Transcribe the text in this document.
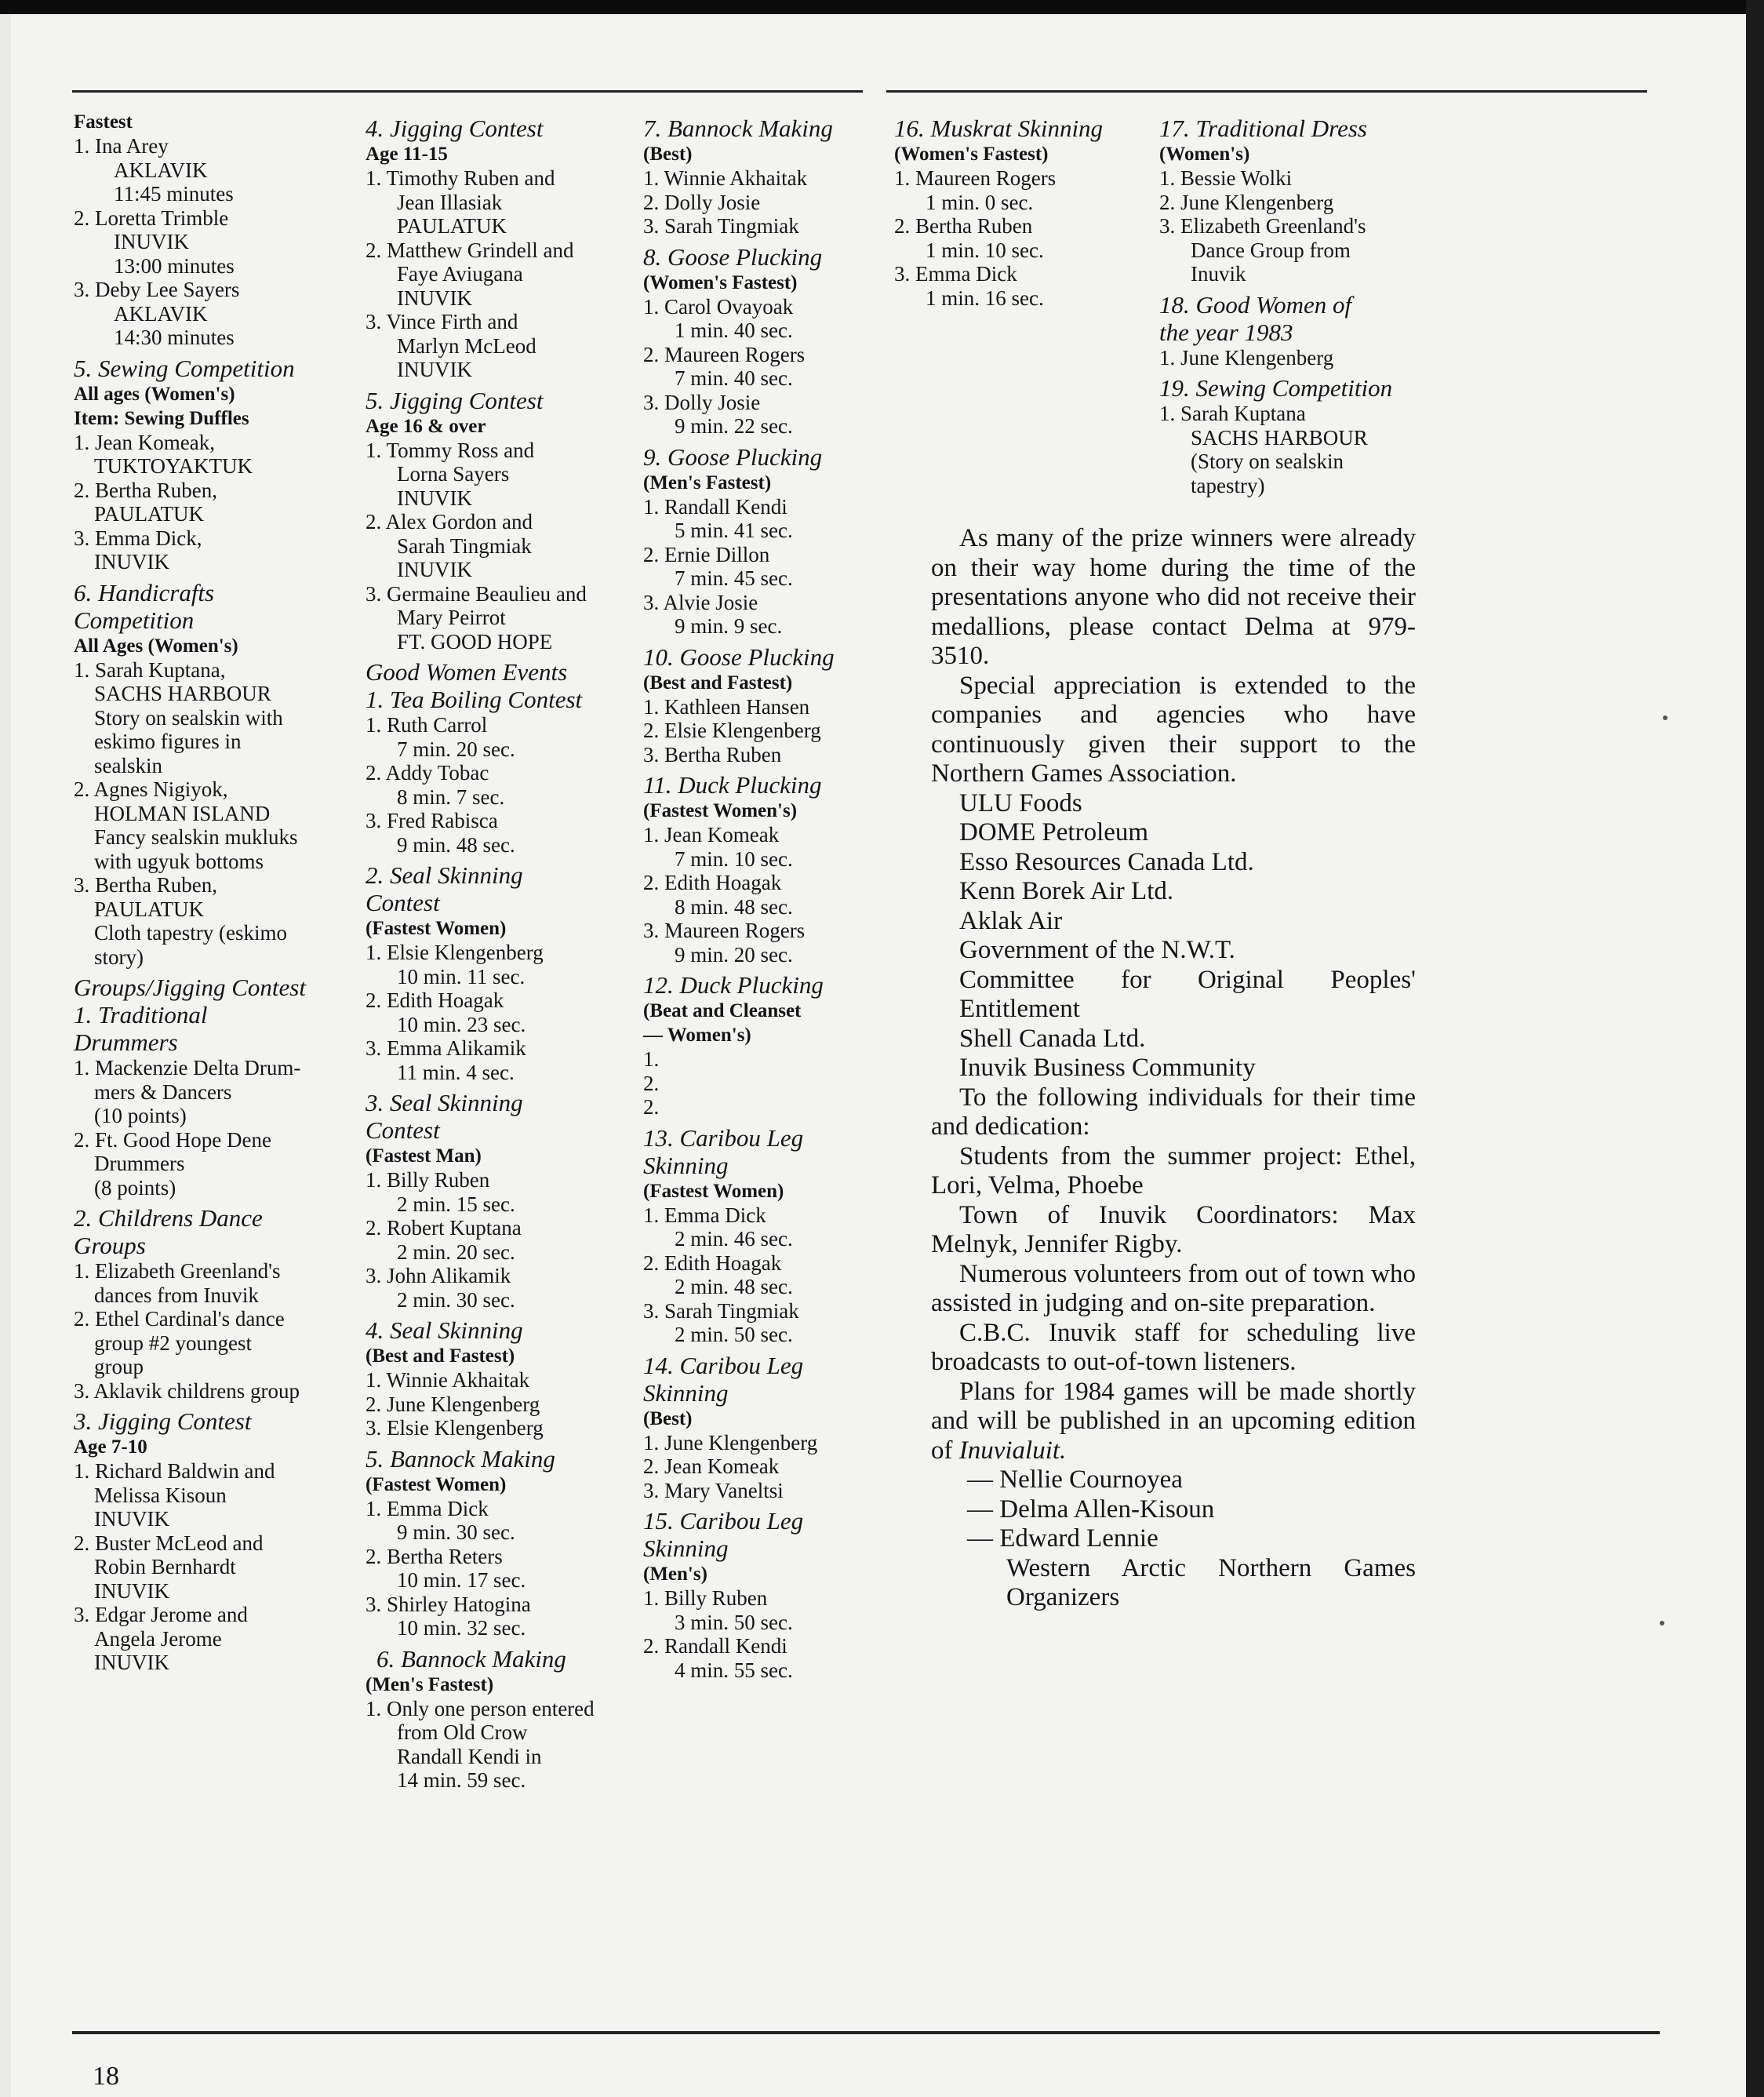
Fastest
1. Ina Arey
AKLAVIK
11:45 minutes
2. Loretta Trimble
INUVIK
13:00 minutes
3. Deby Lee Sayers
AKLAVIK
14:30 minutes
5. Sewing Competition
All ages (Women's)
Item: Sewing Duffles
1. Jean Komeak,
TUKTOYAKTUK
2. Bertha Ruben,
PAULATUK
3. Emma Dick,
INUVIK
6. Handicrafts
Competition
All Ages (Women's)
1. Sarah Kuptana,
SACHS HARBOUR
Story on sealskin with
eskimo figures in
sealskin
2. Agnes Nigiyok,
HOLMAN ISLAND
Fancy sealskin mukluks
with ugyuk bottoms
3. Bertha Ruben,
PAULATUK
Cloth tapestry (eskimo
story)
Groups/Jigging Contest
1. Traditional
Drummers
1. Mackenzie Delta Drum-
mers & Dancers
(10 points)
2. Ft. Good Hope Dene
Drummers
(8 points)
2. Childrens Dance
Groups
1. Elizabeth Greenland's
dances from Inuvik
2. Ethel Cardinal's dance
group #2 youngest
group
3. Aklavik childrens group
3. Jigging Contest
Age 7-10
1. Richard Baldwin and
Melissa Kisoun
INUVIK
2. Buster McLeod and
Robin Bernhardt
INUVIK
3. Edgar Jerome and
Angela Jerome
INUVIK
4. Jigging Contest
Age 11-15
1. Timothy Ruben and
Jean Illasiak
PAULATUK
2. Matthew Grindell and
Faye Aviugana
INUVIK
3. Vince Firth and
Marlyn McLeod
INUVIK
5. Jigging Contest
Age 16 & over
1. Tommy Ross and
Lorna Sayers
INUVIK
2. Alex Gordon and
Sarah Tingmiak
INUVIK
3. Germaine Beaulieu and
Mary Peirrot
FT. GOOD HOPE
Good Women Events
1. Tea Boiling Contest
1. Ruth Carrol
7 min. 20 sec.
2. Addy Tobac
8 min. 7 sec.
3. Fred Rabisca
9 min. 48 sec.
2. Seal Skinning
Contest
(Fastest Women)
1. Elsie Klengenberg
10 min. 11 sec.
2. Edith Hoagak
10 min. 23 sec.
3. Emma Alikamik
11 min. 4 sec.
3. Seal Skinning
Contest
(Fastest Man)
1. Billy Ruben
2 min. 15 sec.
2. Robert Kuptana
2 min. 20 sec.
3. John Alikamik
2 min. 30 sec.
4. Seal Skinning
(Best and Fastest)
1. Winnie Akhaitak
2. June Klengenberg
3. Elsie Klengenberg
5. Bannock Making
(Fastest Women)
1. Emma Dick
9 min. 30 sec.
2. Bertha Reters
10 min. 17 sec.
3. Shirley Hatogina
10 min. 32 sec.
6. Bannock Making
(Men's Fastest)
1. Only one person entered
from Old Crow
Randall Kendi in
14 min. 59 sec.
7. Bannock Making
(Best)
1. Winnie Akhaitak
2. Dolly Josie
3. Sarah Tingmiak
8. Goose Plucking
(Women's Fastest)
1. Carol Ovayoak
1 min. 40 sec.
2. Maureen Rogers
7 min. 40 sec.
3. Dolly Josie
9 min. 22 sec.
9. Goose Plucking
(Men's Fastest)
1. Randall Kendi
5 min. 41 sec.
2. Ernie Dillon
7 min. 45 sec.
3. Alvie Josie
9 min. 9 sec.
10. Goose Plucking
(Best and Fastest)
1. Kathleen Hansen
2. Elsie Klengenberg
3. Bertha Ruben
11. Duck Plucking
(Fastest Women's)
1. Jean Komeak
7 min. 10 sec.
2. Edith Hoagak
8 min. 48 sec.
3. Maureen Rogers
9 min. 20 sec.
12. Duck Plucking
(Beat and Cleanset
— Women's)
1.
2.
2.
13. Caribou Leg
Skinning
(Fastest Women)
1. Emma Dick
2 min. 46 sec.
2. Edith Hoagak
2 min. 48 sec.
3. Sarah Tingmiak
2 min. 50 sec.
14. Caribou Leg
Skinning
(Best)
1. June Klengenberg
2. Jean Komeak
3. Mary Vaneltsi
15. Caribou Leg
Skinning
(Men's)
1. Billy Ruben
3 min. 50 sec.
2. Randall Kendi
4 min. 55 sec.
16. Muskrat Skinning
(Women's Fastest)
1. Maureen Rogers
1 min. 0 sec.
2. Bertha Ruben
1 min. 10 sec.
3. Emma Dick
1 min. 16 sec.
17. Traditional Dress
(Women's)
1. Bessie Wolki
2. June Klengenberg
3. Elizabeth Greenland's
Dance Group from
Inuvik
18. Good Women of
the year 1983
1. June Klengenberg
19. Sewing Competition
1. Sarah Kuptana
SACHS HARBOUR
(Story on sealskin
tapestry)

As many of the prize winners were already on their way home during the time of the presentations anyone who did not receive their medallions, please contact Delma at 979-3510.

Special appreciation is extended to the companies and agencies who have continuously given their support to the Northern Games Association.

ULU Foods

DOME Petroleum

Esso Resources Canada Ltd.

Kenn Borek Air Ltd.

Aklak Air

Government of the N.W.T.

Committee for Original Peoples' Entitlement

Shell Canada Ltd.

Inuvik Business Community

To the following individuals for their time and dedication:

Students from the summer project: Ethel, Lori, Velma, Phoebe

Town of Inuvik Coordinators: Max Melnyk, Jennifer Rigby.

Numerous volunteers from out of town who assisted in judging and on-site preparation.

C.B.C. Inuvik staff for scheduling live broadcasts to out-of-town listeners.

Plans for 1984 games will be made shortly and will be published in an upcoming edition of Inuvialuit.

— Nellie Cournoyea

— Delma Allen-Kisoun

— Edward Lennie

Western Arctic Northern Games Organizers

18
